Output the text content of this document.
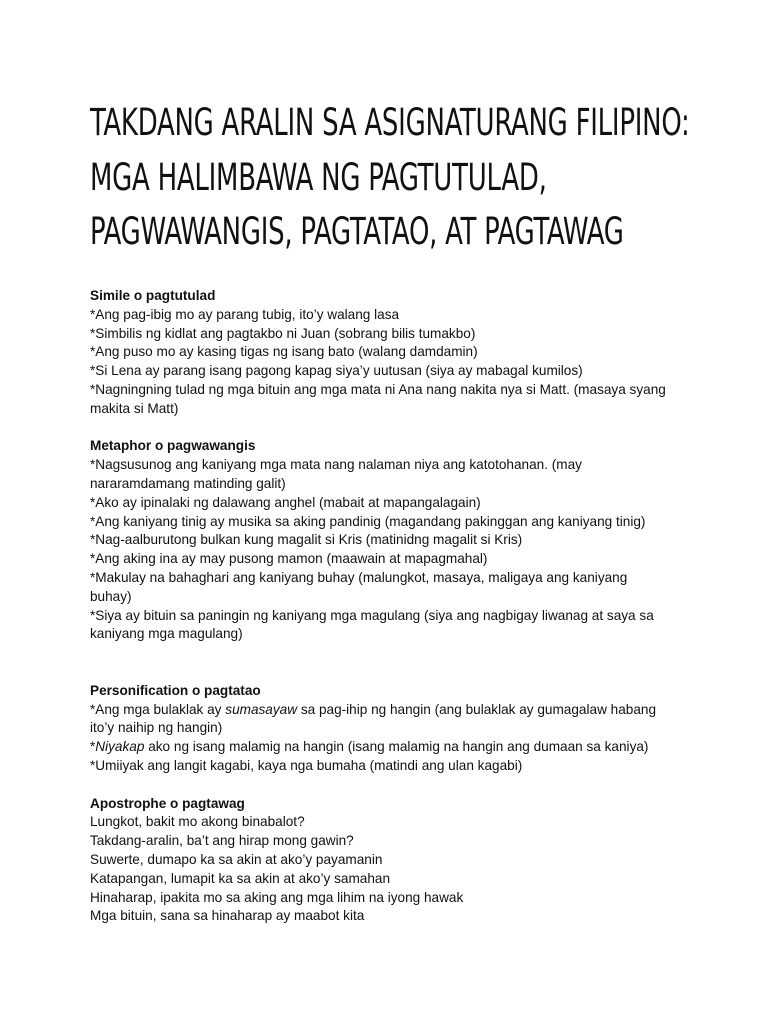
TAKDANG ARALIN SA ASIGNATURANG FILIPINO:
MGA HALIMBAWA NG PAGTUTULAD,
PAGWAWANGIS, PAGTATAO, AT PAGTAWAG
Simile o pagtutulad
*Ang pag-ibig mo ay parang tubig, ito’y walang lasa
*Simbilis ng kidlat ang pagtakbo ni Juan (sobrang bilis tumakbo)
*Ang puso mo ay kasing tigas ng isang bato (walang damdamin)
*Si Lena ay parang isang pagong kapag siya’y uutusan (siya ay mabagal kumilos)
*Nagningning tulad ng mga bituin ang mga mata ni Ana nang nakita nya si Matt. (masaya syang
makita si Matt)
Metaphor o pagwawangis
*Nagsusunog ang kaniyang mga mata nang nalaman niya ang katotohanan. (may
nararamdamang matinding galit)
*Ako ay ipinalaki ng dalawang anghel (mabait at mapangalagain)
*Ang kaniyang tinig ay musika sa aking pandinig (magandang pakinggan ang kaniyang tinig)
*Nag-aalburutong bulkan kung magalit si Kris (matinidng magalit si Kris)
*Ang aking ina ay may pusong mamon (maawain at mapagmahal)
*Makulay na bahaghari ang kaniyang buhay (malungkot, masaya, maligaya ang kaniyang
buhay)
*Siya ay bituin sa paningin ng kaniyang mga magulang (siya ang nagbigay liwanag at saya sa
kaniyang mga magulang)
Personification o pagtatao
*Ang mga bulaklak ay sumasayaw sa pag-ihip ng hangin (ang bulaklak ay gumagalaw habang
ito’y naihip ng hangin)
*Niyakap ako ng isang malamig na hangin (isang malamig na hangin ang dumaan sa kaniya)
*Umiiyak ang langit kagabi, kaya nga bumaha (matindi ang ulan kagabi)
Apostrophe o pagtawag
Lungkot, bakit mo akong binabalot?
Takdang-aralin, ba’t ang hirap mong gawin?
Suwerte, dumapo ka sa akin at ako’y payamanin
Katapangan, lumapit ka sa akin at ako’y samahan
Hinaharap, ipakita mo sa aking ang mga lihim na iyong hawak
Mga bituin, sana sa hinaharap ay maabot kita
